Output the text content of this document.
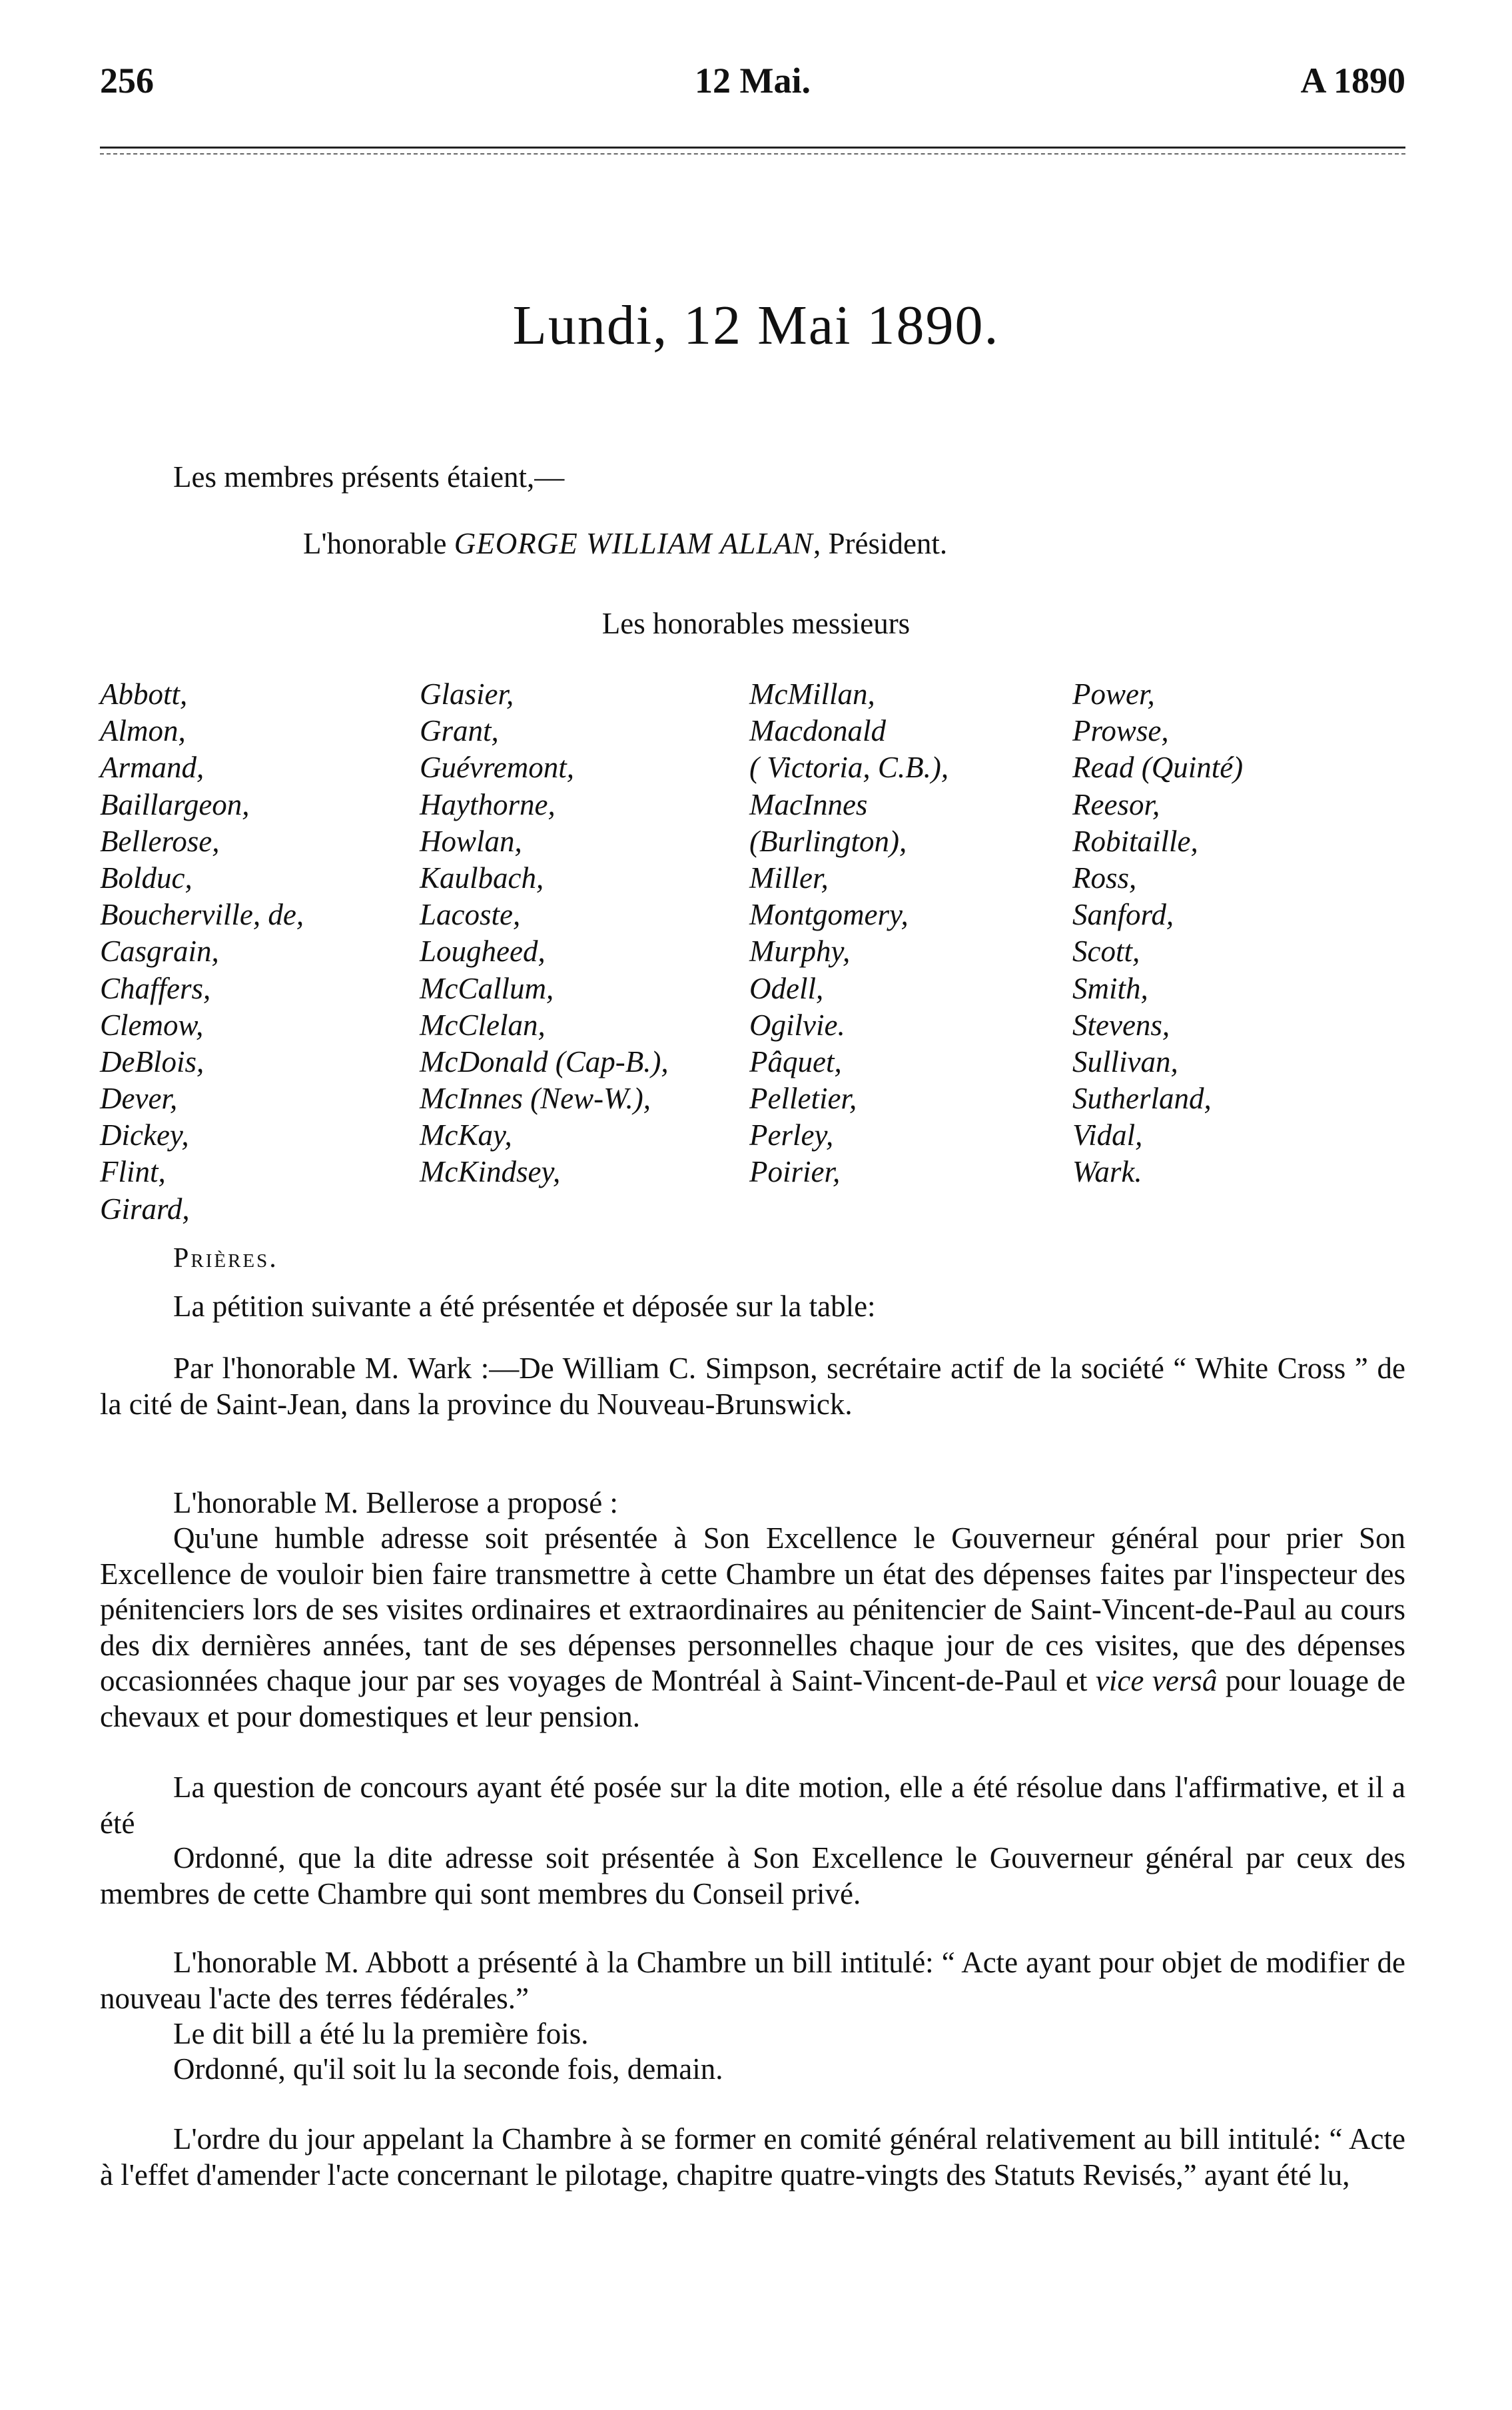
256	12 Mai.	A 1890
Lundi, 12 Mai 1890.
Les membres présents étaient,—
L'honorable GEORGE WILLIAM ALLAN, Président.
Les honorables messieurs
Abbott,
Almon,
Armand,
Baillargeon,
Bellerose,
Bolduc,
Boucherville, de,
Casgrain,
Chaffers,
Clemow,
DeBlois,
Dever,
Dickey,
Flint,
Girard,
Glasier,
Grant,
Guévremont,
Haythorne,
Howlan,
Kaulbach,
Lacoste,
Lougheed,
McCallum,
McClelan,
McDonald (Cap-B.),
McInnes (New-W.),
McKay,
McKindsey,
McMillan,
Macdonald
( Victoria, C.B.),
MacInnes
(Burlington),
Miller,
Montgomery,
Murphy,
Odell,
Ogilvie.
Pâquet,
Pelletier,
Perley,
Poirier,
Power,
Prowse,
Read (Quinté)
Reesor,
Robitaille,
Ross,
Sanford,
Scott,
Smith,
Stevens,
Sullivan,
Sutherland,
Vidal,
Wark.
Prières.
La pétition suivante a été présentée et déposée sur la table:
Par l'honorable M. Wark :—De William C. Simpson, secrétaire actif de la société “ White Cross ” de la cité de Saint-Jean, dans la province du Nouveau-Brunswick.
L'honorable M. Bellerose a proposé :
Qu'une humble adresse soit présentée à Son Excellence le Gouverneur général pour prier Son Excellence de vouloir bien faire transmettre à cette Chambre un état des dépenses faites par l'inspecteur des pénitenciers lors de ses visites ordinaires et extraordinaires au pénitencier de Saint-Vincent-de-Paul au cours des dix dernières années, tant de ses dépenses personnelles chaque jour de ces visites, que des dépenses occasionnées chaque jour par ses voyages de Montréal à Saint-Vincent-de-Paul et vice versâ pour louage de chevaux et pour domestiques et leur pension.
La question de concours ayant été posée sur la dite motion, elle a été résolue dans l'affirmative, et il a été
Ordonné, que la dite adresse soit présentée à Son Excellence le Gouverneur général par ceux des membres de cette Chambre qui sont membres du Conseil privé.
L'honorable M. Abbott a présenté à la Chambre un bill intitulé: “ Acte ayant pour objet de modifier de nouveau l'acte des terres fédérales.”
Le dit bill a été lu la première fois.
Ordonné, qu'il soit lu la seconde fois, demain.
L'ordre du jour appelant la Chambre à se former en comité général relativement au bill intitulé: “ Acte à l'effet d'amender l'acte concernant le pilotage, chapitre quatre-vingts des Statuts Revisés,” ayant été lu,
